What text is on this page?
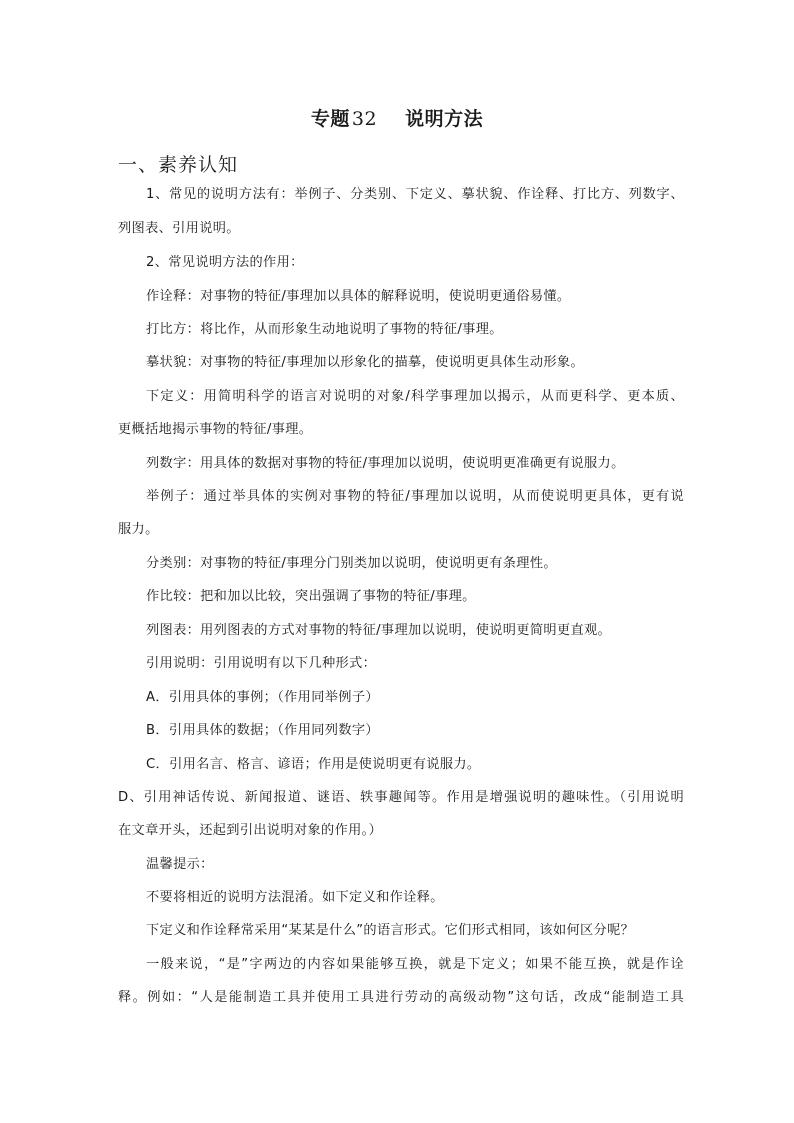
专题 32 说明方法
一、素养认知
1、常见的说明方法有：举例子、分类别、下定义、摹状貌、作诠释、打比方、列数字、
列图表、引用说明。
2、常见说明方法的作用：
作诠释：对事物的特征/事理加以具体的解释说明，使说明更通俗易懂。
打比方：将比作，从而形象生动地说明了事物的特征/事理。
摹状貌：对事物的特征/事理加以形象化的描摹，使说明更具体生动形象。
下定义：用简明科学的语言对说明的对象/科学事理加以揭示，从而更科学、更本质、
更概括地揭示事物的特征/事理。
列数字：用具体的数据对事物的特征/事理加以说明，使说明更准确更有说服力。
举例子：通过举具体的实例对事物的特征/事理加以说明，从而使说明更具体，更有说
服力。
分类别：对事物的特征/事理分门别类加以说明，使说明更有条理性。
作比较：把和加以比较，突出强调了事物的特征/事理。
列图表：用列图表的方式对事物的特征/事理加以说明，使说明更简明更直观。
引用说明：引用说明有以下几种形式：
A．引用具体的事例；（作用同举例子）
B．引用具体的数据；（作用同列数字）
C．引用名言、格言、谚语；作用是使说明更有说服力。
D、引用神话传说、新闻报道、谜语、轶事趣闻等。作用是增强说明的趣味性。（引用说明
在文章开头，还起到引出说明对象的作用。）
温馨提示：
不要将相近的说明方法混淆。如下定义和作诠释。
下定义和作诠释常采用“某某是什么”的语言形式。它们形式相同，该如何区分呢？
一般来说，“是”字两边的内容如果能够互换，就是下定义；如果不能互换，就是作诠
释。例如：“人是能制造工具并使用工具进行劳动的高级动物”这句话，改成“能制造工具
